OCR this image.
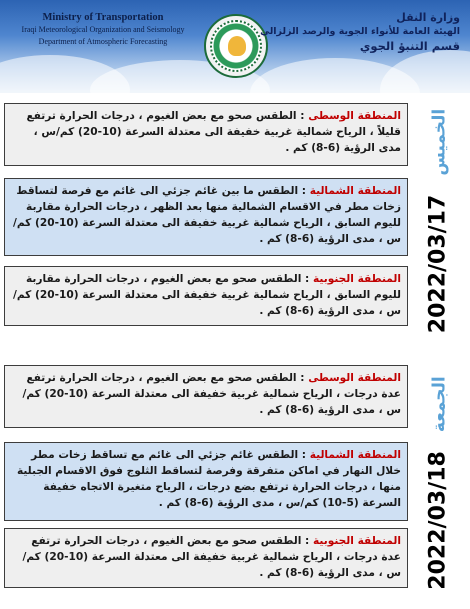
Ministry of Transportation
Iraqi Meteorological Organization and Seismology
Department of Atmospheric Forecasting
وزارة النقل
الهيئة العامة للأنواء الجوية والرصد الزلزالي
قسم التنبؤ الجوي
الخميس 2022/03/17
المنطقة الوسطى : الطقس صحو مع بعض الغيوم ، درجات الحرارة ترتفع قليلاً ، الرياح شمالية غربية خفيفة الى معتدلة السرعة (10-20) كم/س ، مدى الرؤية (6-8) كم .
المنطقة الشمالية : الطقس ما بين غائم جزئي الى غائم مع فرصة لتساقط زخات مطر في الاقسام الشمالية منها بعد الظهر ، درجات الحرارة مقاربة لليوم السابق ، الرياح شمالية غربية خفيفة الى معتدلة السرعة (10-20) كم/س ، مدى الرؤية (6-8) كم .
المنطقة الجنوبية : الطقس صحو مع بعض الغيوم ، درجات الحرارة مقاربة لليوم السابق ، الرياح شمالية غربية خفيفة الى معتدلة السرعة (10-20) كم/س ، مدى الرؤية (6-8) كم .
الجمعة 2022/03/18
المنطقة الوسطى : الطقس صحو مع بعض الغيوم ، درجات الحرارة ترتفع عدة درجات ، الرياح شمالية غربية خفيفة الى معتدلة السرعة (10-20) كم/س ، مدى الرؤية (6-8) كم .
المنطقة الشمالية : الطقس غائم جزئي الى غائم مع تساقط زخات مطر خلال النهار في اماكن متفرقة وفرصة لتساقط الثلوج فوق الاقسام الجبلية منها ، درجات الحرارة ترتفع بضع درجات ، الرياح متغيرة الاتجاه خفيفة السرعة (5-10) كم/س ، مدى الرؤية (6-8) كم .
المنطقة الجنوبية : الطقس صحو مع بعض الغيوم ، درجات الحرارة ترتفع عدة درجات ، الرياح شمالية غربية خفيفة الى معتدلة السرعة (10-20) كم/س ، مدى الرؤية (6-8) كم .
